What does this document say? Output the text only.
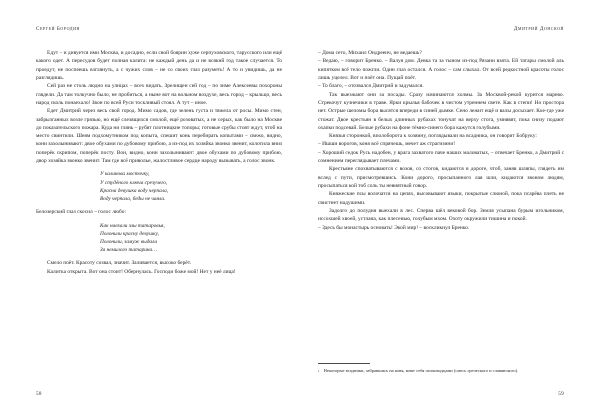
Сергей Бородин

Едут – и дивуется ими Москва, и досадно, если свой боярин хуже серпуховского, тарусского или ещё какого одет. А пересудов будет полная калита: не каждый день да и не всякий год такое случается. То проедут, не поспеешь взглянуть, а с чужих слов – не со своих глаз разуметь! А то и увидишь, да не разглядишь.

Сей раз не столь людно на улицах – всех видать. Зрелищен сей год – по зиме Алексеевы похороны глядели. Да там толкучно было, не пробиться, а ныне вот на вольном воздухе, весь город – крыльцо, весь народ сколь понаехало! Звон по всей Руси тоскливый стоял. А тут – иное.

Едет Дмитрий через весь свой город. Мимо садов, где зелень густа и тяжела от росы. Мимо стен, забрызганных возле грязью, но ещё слезящихся смолой, ещё розоватых, а не серых, как было на Москве до показательского пожара. Куда ни глянь – рубят плотницкие топоры; готовые срубы стоят ждут, чтоб на место свинтили. Шеям подхомутником под копыта, спешит конь перебирать копытами – свежо, видно, кони захолынивают: двое обухами по дубовому прибою, а из-под их хозяйка звонко звенит, колотила вниз поперёк скрипом, поперёк посту. Вон, видно, кони захолынивают: двое обухами по дубовому прибою, двор хозяйка звонко звенит. Там где всё приволье, жалостливое сердце народу вызывать, а голос звонк.

У калинова мосточку,
У студёного ключа срезучего,
Красна девушка воду черпала,
Воду черпала, беды не чаяла.

Белозерский глаз скосил – голос любо:

Как наехали злы татаровья,
Полонили красну девушку,
Полонили, замуж выдали
За немилого татарина…

Смело поёт. Красоту созвал, значит. Заливается, высоко берёт.

Калитка открыта. Вот она стоит! Обернулась. Господи боже мой! Нет у неё лица!

58
Дмитрий Донской

– Дома сето, Михаил Ондрееич, не ведаешь?

– Ведаю, – говорит Бренко. – Валуя дом. Девка та за тыном из-под Рязани взята. Ей татары смолой аль кипятком всё тело пожгли. Один глаз остался. А голос – сам слыхал. От всей редкостной красоты голос лишь уцелел. Вот и поёт она. Пущай поёт.

– То благо, – отозвался Дмитрий и задумался.

Так выезжают они за посады. Сразу начинаются холмы. За Москвой-рекой курится марево. Стрекочут кузнечики в траве. Ярки крылья бабочек в чистом утреннем свете. Как в степи! Но простора нет. Острые шеломы бора высятся впереди в синей дымке. Сено лежит ещё и валы досыхает. Кое-где уже стожат. Двое крестьян в белых длинных рубахах тонучат на верху стога, умнявят, пока снизу подают охапки подсевай. Белые рубахи на фоне тёмно-синего бора кажутся голубыми.

Князья сторонкой, вполоборота к хозяину, поглядывали на всадника, он говорит Бобруку:

– Ишши ворогов, коня всё спрячешь, мечет аж страгизини!

– Хороший седок Русь надобен, у врага захватого паче наших маловатых, – отвечает Бренко, а Дмитрий с сомнением переглядывает плечами.

Крестьяне спохватываются с возов, со стогов, кидаются в дороге, чтоб, заняв шляпы, глядеть им вслед с пути, присмотревшись. Кони дорого, просыпанного лая шли, кидаются звоном людям, просыпаться кой тоб соль ты невнятный говор.

Княжеские псы волочатся на цепях, высовывают языки, покрытые слюной, пока псарёва плеть не свистнет надушими.

Задолго до полудня выехали в лес. Сперва шёл вековой бор. Земля усыпана бурым игольником, иссохшей хвоей, устлана, как плесенью, голубым мхом. Охоту окружили тишина и покой.

– Здесь бы монастырь основать! Экой мир! – воскликнул Бренко.

1 Некоторые всадники, забравшись на коня, мнят себя полководцами (смесь греческого и славянского).
59
